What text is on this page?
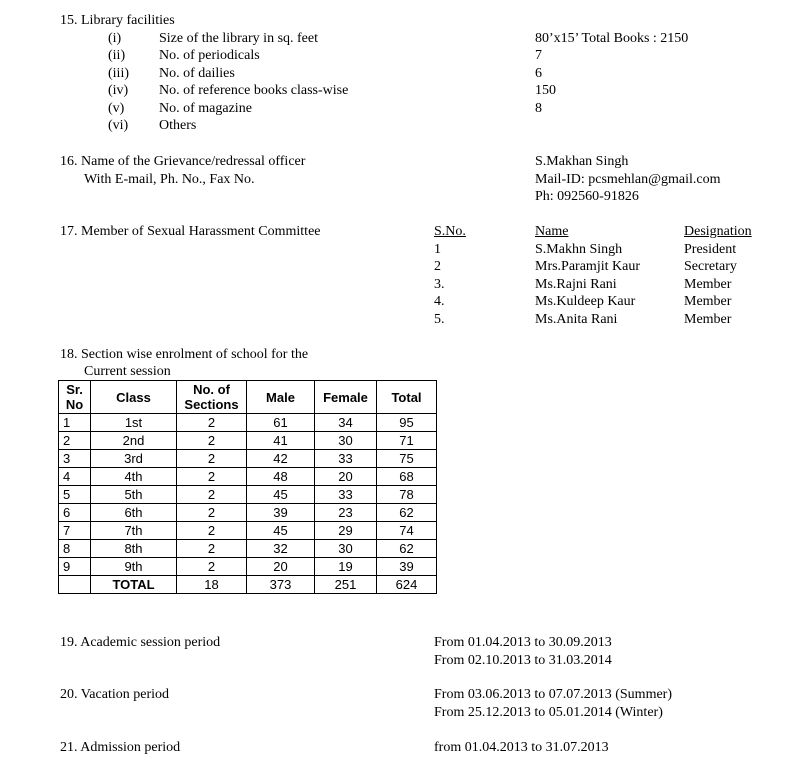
15. Library facilities
(i)	Size of the library in sq. feet	80’x15’ Total Books : 2150
(ii) No. of periodicals	7
(iii) No. of dailies	6
(iv) No. of reference books class-wise	150
(v) No. of magazine	8
(vi) Others
16. Name of the Grievance/redressal officer
With E-mail, Ph. No., Fax No.
S.Makhan Singh
Mail-ID: pcsmehlan@gmail.com
Ph: 092560-91826
17. Member of Sexual Harassment Committee	S.No.	Name	Designation
1	S.Makhn Singh	President
2	Mrs.Paramjit Kaur	Secretary
3.	Ms.Rajni Rani	Member
4.	Ms.Kuldeep Kaur	Member
5.	Ms.Anita Rani	Member
18. Section wise enrolment of school for the
Current session
Sr.
No	Class	No. of
Sections	Male	Female	Total
1	1st	2	61	34	95
2	2nd	2	41	30	71
3	3rd	2	42	33	75
4	4th	2	48	20	68
5	5th	2	45	33	78
6	6th	2	39	23	62
7	7th	2	45	29	74
8	8th	2	32	30	62
9	9th	2	20	19	39
	TOTAL	18	373	251	624
19. Academic session period	From 01.04.2013 to 30.09.2013
From 02.10.2013 to 31.03.2014
20. Vacation period	From 03.06.2013 to 07.07.2013 (Summer)
From 25.12.2013 to 05.01.2014 (Winter)
21. Admission period	from 01.04.2013 to 31.07.2013
